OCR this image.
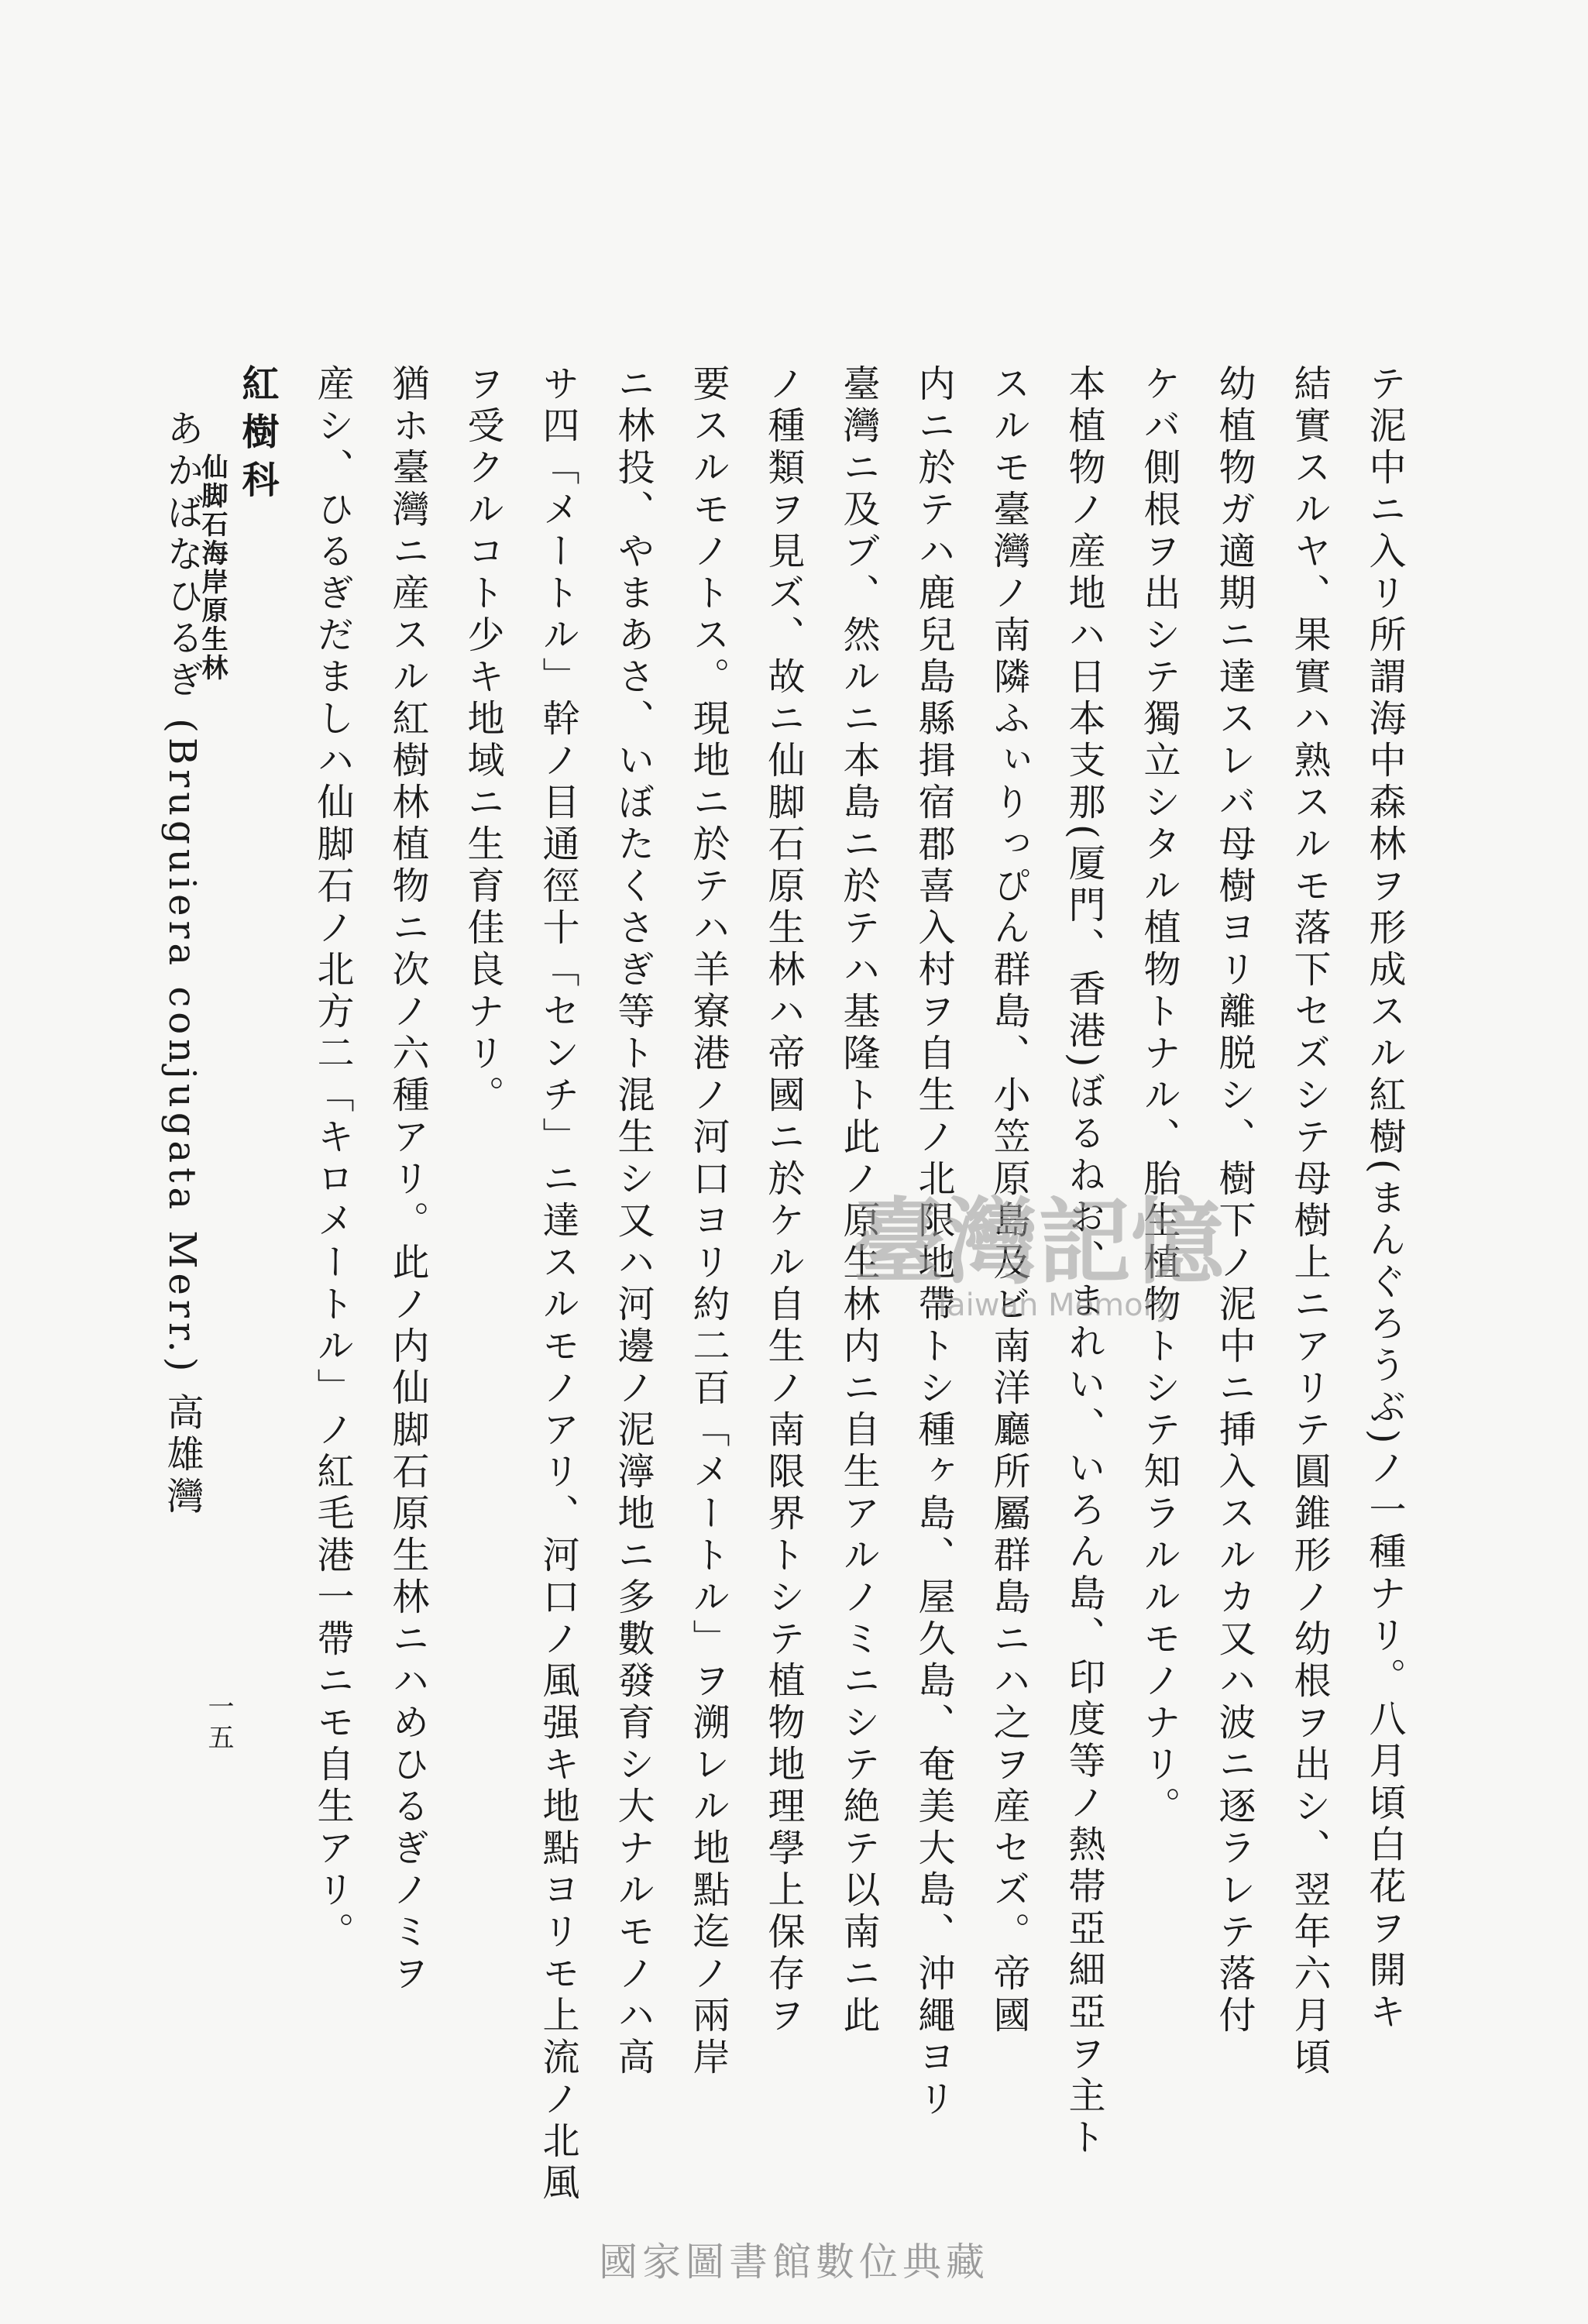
テ泥中ニ入リ所謂海中森林ヲ形成スル紅樹(まんぐろうぶ)ノ一種ナリ。八月頃白花ヲ開キ
結實スルヤ、果實ハ熟スルモ落下セズシテ母樹上ニアリテ圓錐形ノ幼根ヲ出シ、翌年六月頃
幼植物ガ適期ニ達スレバ母樹ヨリ離脱シ、樹下ノ泥中ニ挿入スルカ又ハ波ニ逐ラレテ落付
ケバ側根ヲ出シテ獨立シタル植物トナル、胎生植物トシテ知ラルルモノナリ。
本植物ノ産地ハ日本支那(厦門、香港)ぼるねお、まれい、いろん島、印度等ノ熱帯亞細亞ヲ主ト
スルモ臺灣ノ南隣ふぃりっぴん群島、小笠原島及ビ南洋廳所屬群島ニハ之ヲ産セズ。帝國
内ニ於テハ鹿兒島縣揖宿郡喜入村ヲ自生ノ北限地帶トシ種ヶ島、屋久島、奄美大島、沖繩ヨリ
臺灣ニ及ブ、然ルニ本島ニ於テハ基隆ト此ノ原生林内ニ自生アルノミニシテ絶テ以南ニ此
ノ種類ヲ見ズ、故ニ仙脚石原生林ハ帝國ニ於ケル自生ノ南限界トシテ植物地理學上保存ヲ
要スルモノトス。現地ニ於テハ羊寮港ノ河口ヨリ約二百「メートル」ヲ溯レル地點迄ノ兩岸
ニ林投、やまあさ、いぼたくさぎ等ト混生シ又ハ河邊ノ泥濘地ニ多數發育シ大ナルモノハ高
サ四「メートル」幹ノ目通徑十「センチ」ニ達スルモノアリ、河口ノ風强キ地點ヨリモ上流ノ北風
ヲ受クルコト少キ地域ニ生育佳良ナリ。
猶ホ臺灣ニ産スル紅樹林植物ニ次ノ六種アリ。此ノ内仙脚石原生林ニハめひるぎノミヲ
産シ、ひるぎだましハ仙脚石ノ北方二「キロメートル」ノ紅毛港一帶ニモ自生アリ。
紅樹科
あかばなひるぎ (Bruguiera conjugata Merr.) 高雄灣
仙脚石海岸原生林
一五
臺灣記憶
Taiwan Memory
國家圖書館數位典藏
